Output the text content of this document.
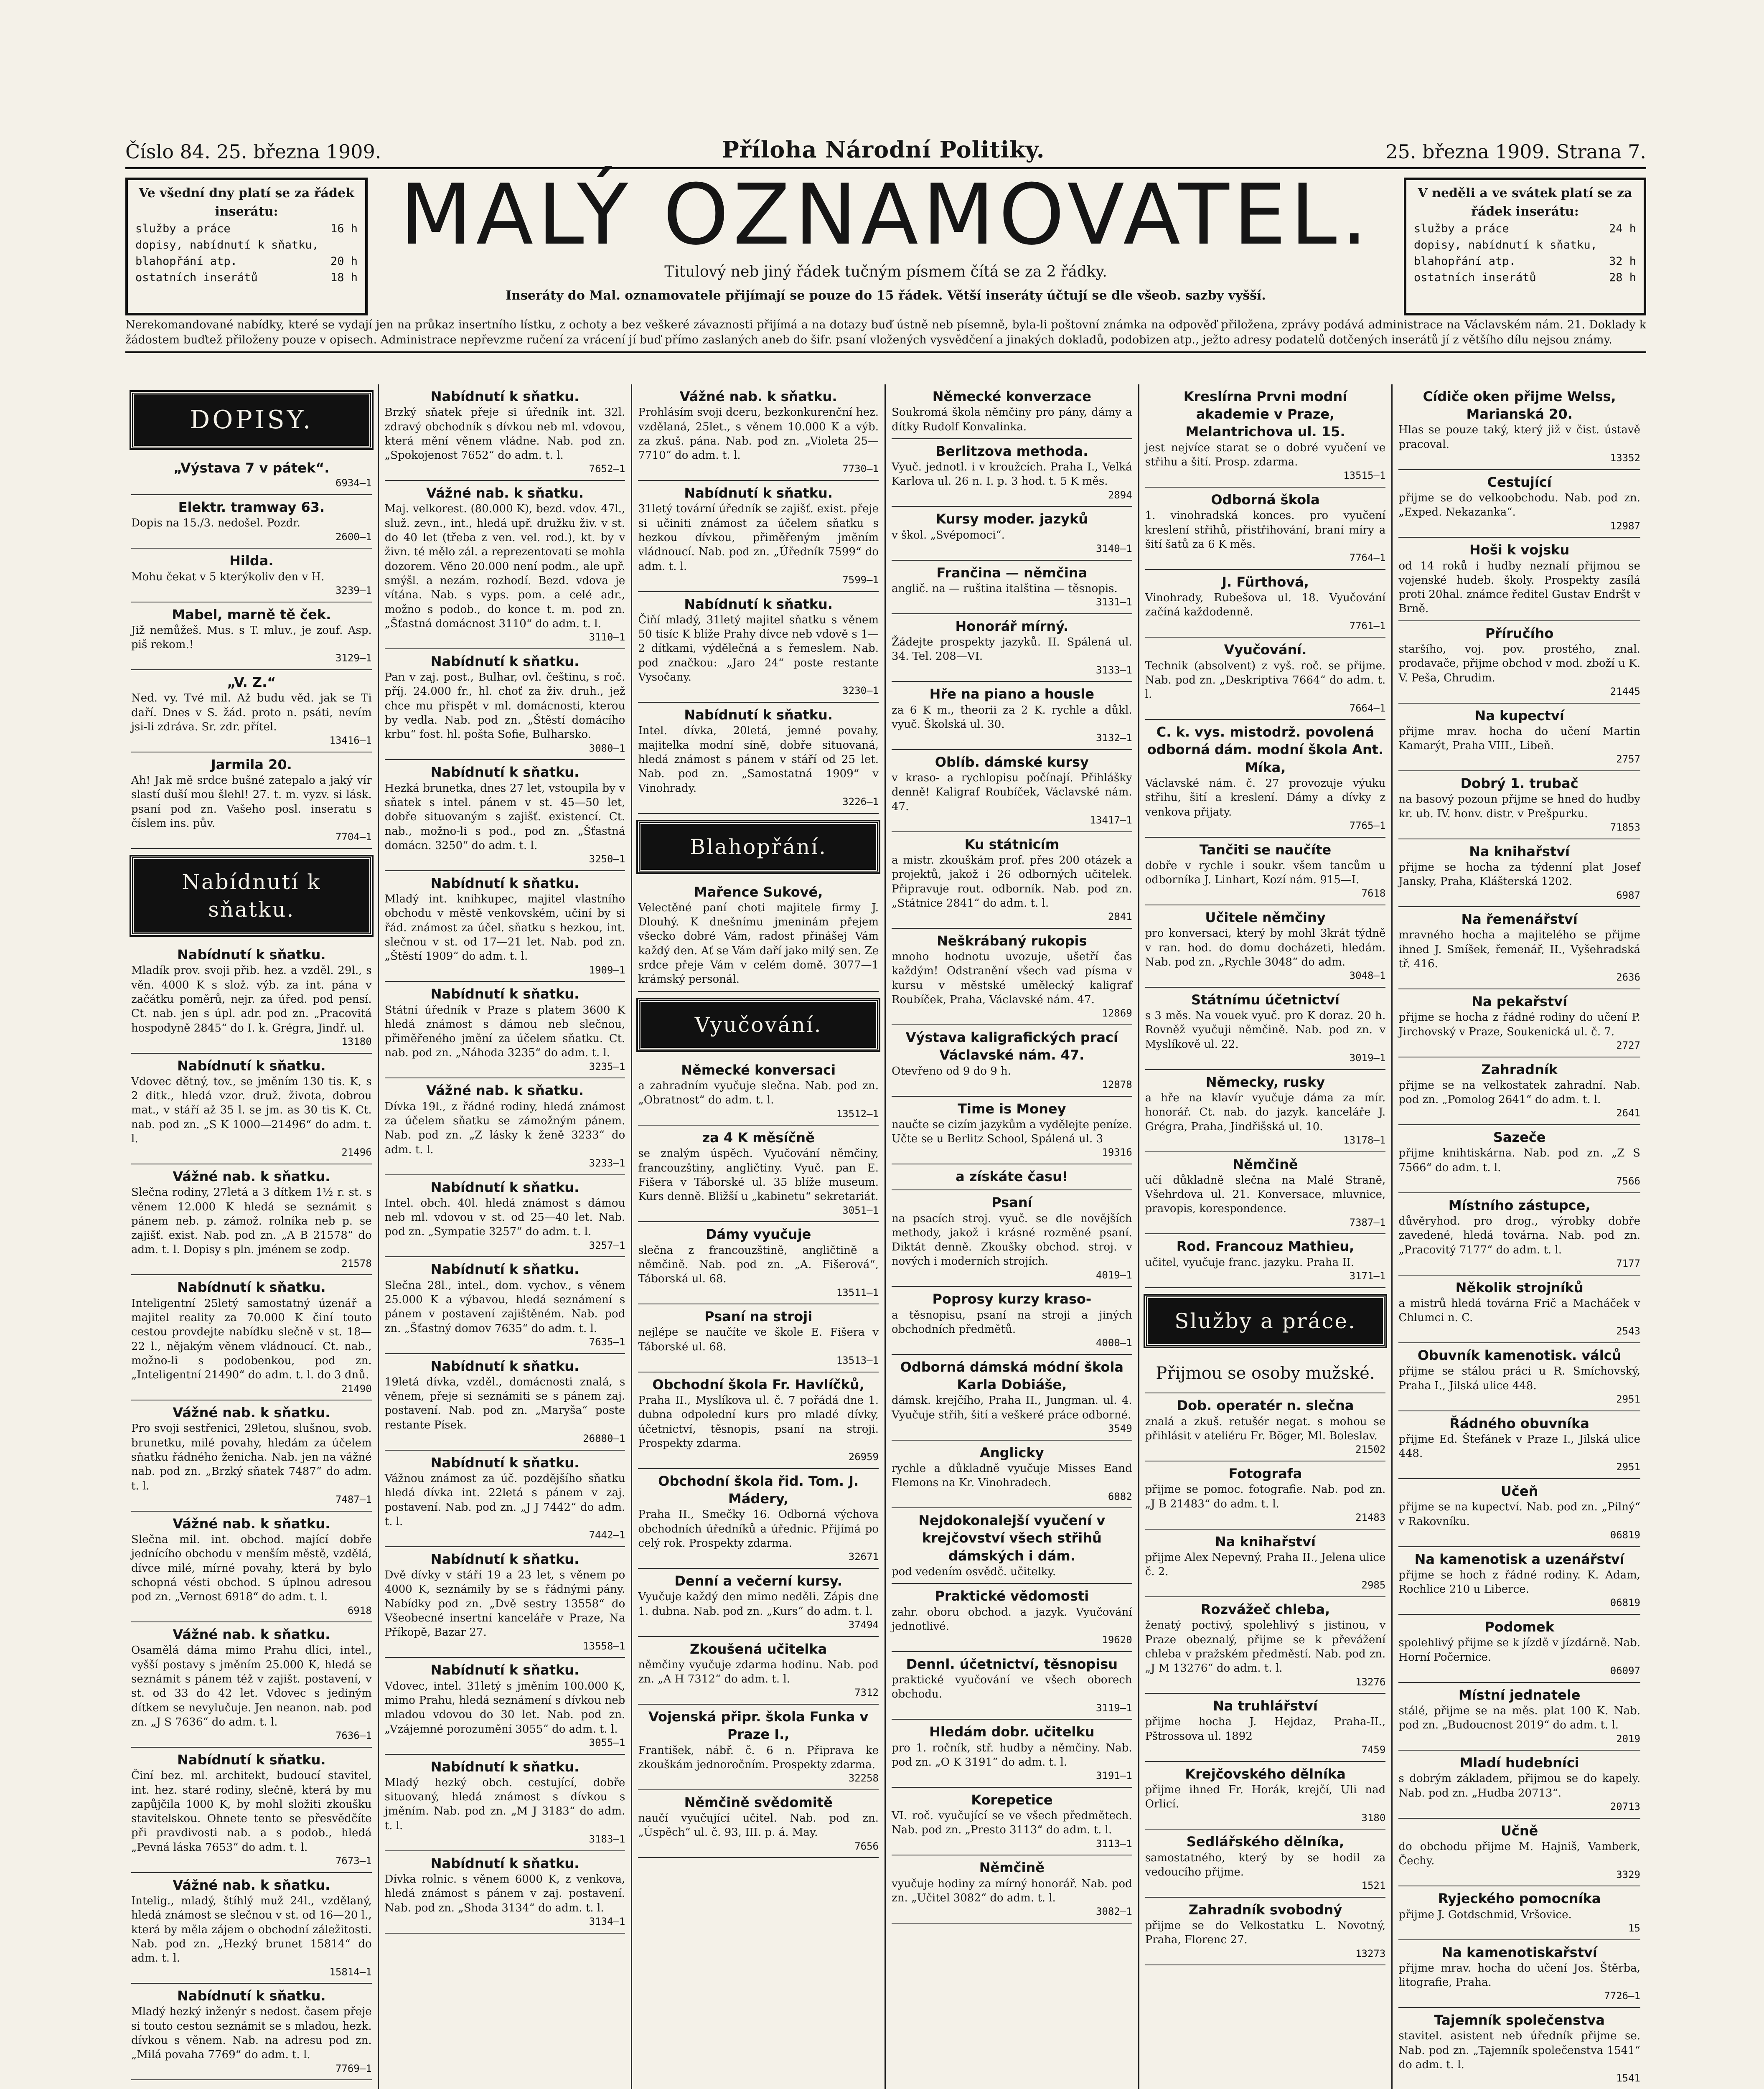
Číslo 84. 25. března 1909.	Příloha Národní Politiky.	25. března 1909. Strana 7.
Ve všední dny platí se za řádek inserátu:
služby a práce	16 h
dopisy, nabídnutí k sňatku,
blahopřání atp.	20 h
ostatních inserátů	18 h
MALÝ OZNAMOVATEL.
Titulový neb jiný řádek tučným písmem čítá se za 2 řádky.
Inseráty do Mal. oznamovatele přijímají se pouze do 15 řádek. Větší inseráty účtují se dle všeob. sazby vyšší.
V neděli a ve svátek platí se za řádek inserátu:
služby a práce	24 h
dopisy, nabídnutí k sňatku,
blahopřání atp.	32 h
ostatních inserátů	28 h
Nerekomandované nabídky, které se vydají jen na průkaz insertního lístku, z ochoty a bez veškeré závaznosti přijímá a na dotazy buď ústně neb písemně, byla-li poštovní známka na odpověď přiložena, zprávy podává administrace na Václavském nám. 21. Doklady k žádostem buďtež přiloženy pouze v opisech. Administrace nepřevzme ručení za vrácení jí buď přímo zaslaných aneb do šifr. psaní vložených vysvědčení a jinakých dokladů, podobizen atp., ježto adresy podatelů dotčených inserátů jí z většího dílu nejsou známy.
DOPISY.
„Výstava 7 v pátek“.
6934—1
Elektr. tramway 63.
Dopis na 15./3. nedošel. Pozdr.
2600—1
Hilda.
Mohu čekat v 5 kterýkoliv den v H.
3239—1
Mabel, marně tě ček.
Již nemůžeš. Mus. s T. mluv., je zouf. Asp. piš rekom.!
3129—1
„V. Z.“
Ned. vy. Tvé mil. Až budu věd. jak se Ti daří. Dnes v S. žád. proto n. psáti, nevím jsi-li zdráva. Sr. zdr. přítel.
13416—1
Jarmila 20.
Ah! Jak mě srdce bušné zatepalo a jaký vír slastí duší mou šlehl! 27. t. m. vyzv. si lásk. psaní pod zn. Vašeho posl. inseratu s číslem ins. pův.
7704—1
Nabídnutí k sňatku.
Nabídnutí k sňatku.
Mladík prov. svoji přib. hez. a vzděl. 29l., s věn. 4000 K s slož. výb. za int. pána v začátku poměrů, nejr. za úřed. pod pensí. Ct. nab. jen s úpl. adr. pod zn. „Pracovitá hospodyně 2845“ do I. k. Grégra, Jindř. ul.
13180
Nabídnutí k sňatku.
Vdovec dětný, tov., se jměním 130 tis. K, s 2 ditk., hledá vzor. druž. života, dobrou mat., v stáří až 35 l. se jm. as 30 tis K. Ct. nab. pod zn. „S K 1000—21496“ do adm. t. l.
21496
Vážné nab. k sňatku.
Slečna rodiny, 27letá a 3 dítkem 1½ r. st. s věnem 12.000 K hledá se seznámit s pánem neb. p. zámož. rolníka neb p. se zajišť. exist. Nab. pod zn. „A B 21578“ do adm. t. l. Dopisy s pln. jménem se zodp.
21578
Nabídnutí k sňatku.
Inteligentní 25letý samostatný úzenář a majitel reality za 70.000 K činí touto cestou provdejte nabídku slečně v st. 18—22 l., nějakým věnem vládnoucí. Ct. nab., možno-li s podobenkou, pod zn. „Inteligentní 21490“ do adm. t. l. do 3 dnů.
21490
Vážné nab. k sňatku.
Pro svoji sestřenici, 29letou, slušnou, svob. brunetku, milé povahy, hledám za účelem sňatku řádného ženicha. Nab. jen na vážné nab. pod zn. „Brzký sňatek 7487“ do adm. t. l.
7487—1
Vážné nab. k sňatku.
Slečna mil. int. obchod. mající dobře jednícího obchodu v menším městě, vzdělá, dívce milé, mírné povahy, která by bylo schopná vésti obchod. S úplnou adresou pod zn. „Vernost 6918“ do adm. t. l.
6918
Vážné nab. k sňatku.
Osamělá dáma mimo Prahu dlíci, intel., vyšší postavy s jměním 25.000 K, hledá se seznámit s pánem též v zajišt. postavení, v st. od 33 do 42 let. Vdovec s jediným dítkem se nevylučuje. Jen neanon. nab. pod zn. „J S 7636“ do adm. t. l.
7636—1
Nabídnutí k sňatku.
Činí bez. ml. architekt, budoucí stavitel, int. hez. staré rodiny, slečně, která by mu zapůjčila 1000 K, by mohl složiti zkoušku stavitelskou. Ohnete tento se přesvědčíte při pravdivosti nab. a s podob., hledá „Pevná láska 7653“ do adm. t. l.
7673—1
Vážné nab. k sňatku.
Intelig., mladý, štíhlý muž 24l., vzdělaný, hledá známost se slečnou v st. od 16—20 l., která by měla zájem o obchodní záležitosti. Nab. pod zn. „Hezký brunet 15814“ do adm. t. l.
15814—1
Nabídnutí k sňatku.
Mladý hezký inženýr s nedost. časem přeje si touto cestou seznámit se s mladou, hezk. dívkou s věnem. Nab. na adresu pod zn. „Milá povaha 7769“ do adm. t. l.
7769—1
Nabídnutí k sňatku.
Brzký sňatek přeje si úředník int. 32l. zdravý obchodník s dívkou neb ml. vdovou, která mění věnem vládne. Nab. pod zn. „Spokojenost 7652“ do adm. t. l.
7652—1
Vážné nab. k sňatku.
Maj. velkorest. (80.000 K), bezd. vdov. 47l., služ. zevn., int., hledá upř. družku živ. v st. do 40 let (třeba z ven. vel. rod.), kt. by v živn. té mělo zál. a reprezentovati se mohla dozorem. Věno 20.000 není podm., ale upř. smýšl. a nezám. rozhodí. Bezd. vdova je vítána. Nab. s vyps. pom. a celé adr., možno s podob., do konce t. m. pod zn. „Šťastná domácnost 3110“ do adm. t. l.
3110—1
Nabídnutí k sňatku.
Pan v zaj. post., Bulhar, ovl. češtinu, s roč. příj. 24.000 fr., hl. choť za živ. druh., jež chce mu přispět v ml. domácnosti, kterou by vedla. Nab. pod zn. „Štěstí domácího krbu“ fost. hl. pošta Sofie, Bulharsko.
3080—1
Nabídnutí k sňatku.
Hezká brunetka, dnes 27 let, vstoupila by v sňatek s intel. pánem v st. 45—50 let, dobře situovaným s zajišť. existencí. Ct. nab., možno-li s pod., pod zn. „Šťastná domácn. 3250“ do adm. t. l.
3250—1
Nabídnutí k sňatku.
Mladý int. knihkupec, majitel vlastního obchodu v městě venkovském, učiní by si řád. známost za účel. sňatku s hezkou, int. slečnou v st. od 17—21 let. Nab. pod zn. „Štěstí 1909“ do adm. t. l.
1909—1
Nabídnutí k sňatku.
Státní úředník v Praze s platem 3600 K hledá známost s dámou neb slečnou, přiměřeného jmění za účelem sňatku. Ct. nab. pod zn. „Náhoda 3235“ do adm. t. l.
3235—1
Vážné nab. k sňatku.
Dívka 19l., z řádné rodiny, hledá známost za účelem sňatku se zámožným pánem. Nab. pod zn. „Z lásky k ženě 3233“ do adm. t. l.
3233—1
Nabídnutí k sňatku.
Intel. obch. 40l. hledá známost s dámou neb ml. vdovou v st. od 25—40 let. Nab. pod zn. „Sympatie 3257“ do adm. t. l.
3257—1
Nabídnutí k sňatku.
Slečna 28l., intel., dom. vychov., s věnem 25.000 K a výbavou, hledá seznámení s pánem v postavení zajištěném. Nab. pod zn. „Šťastný domov 7635“ do adm. t. l.
7635—1
Nabídnutí k sňatku.
19letá dívka, vzděl., domácnosti znalá, s věnem, přeje si seznámiti se s pánem zaj. postavení. Nab. pod zn. „Maryša“ poste restante Písek.
26880—1
Nabídnutí k sňatku.
Vážnou známost za úč. pozdějšího sňatku hledá dívka int. 22letá s pánem v zaj. postavení. Nab. pod zn. „J J 7442“ do adm. t. l.
7442—1
Nabídnutí k sňatku.
Dvě dívky v stáří 19 a 23 let, s věnem po 4000 K, seznámily by se s řádnými pány. Nabídky pod zn. „Dvě sestry 13558“ do Všeobecné insertní kanceláře v Praze, Na Příkopě, Bazar 27.
13558—1
Nabídnutí k sňatku.
Vdovec, intel. 31letý s jměním 100.000 K, mimo Prahu, hledá seznámení s dívkou neb mladou vdovou do 30 let. Nab. pod zn. „Vzájemné porozumění 3055“ do adm. t. l.
3055—1
Nabídnutí k sňatku.
Mladý hezký obch. cestující, dobře situovaný, hledá známost s dívkou s jměním. Nab. pod zn. „M J 3183“ do adm. t. l.
3183—1
Nabídnutí k sňatku.
Dívka rolnic. s věnem 6000 K, z venkova, hledá známost s pánem v zaj. postavení. Nab. pod zn. „Shoda 3134“ do adm. t. l.
3134—1
Vážné nab. k sňatku.
Prohlásím svoji dceru, bezkonkurenční hez. vzdělaná, 25let., s věnem 10.000 K a výb. za zkuš. pána. Nab. pod zn. „Violeta 25—7710“ do adm. t. l.
7730—1
Nabídnutí k sňatku.
31letý tovární úředník se zajišť. exist. přeje si učiniti známost za účelem sňatku s hezkou dívkou, přiměřeným jměním vládnoucí. Nab. pod zn. „Úředník 7599“ do adm. t. l.
7599—1
Nabídnutí k sňatku.
Čiňí mladý, 31letý majitel sňatku s věnem 50 tisíc K blíže Prahy dívce neb vdově s 1—2 dítkami, výdělečná a s řemeslem. Nab. pod značkou: „Jaro 24“ poste restante Vysočany.
3230—1
Nabídnutí k sňatku.
Intel. dívka, 20letá, jemné povahy, majitelka modní síně, dobře situovaná, hledá známost s pánem v stáří od 25 let. Nab. pod zn. „Samostatná 1909“ v Vinohrady.
3226—1
Blahopřání.
Mařence Sukové,
Velectěné paní choti majitele firmy J. Dlouhý. K dnešnímu jmeninám přejem všecko dobré Vám, radost přinášej Vám každý den. Ať se Vám daří jako milý sen. Ze srdce přeje Vám v celém domě. 3077—1 krámský personál.
Vyučování.
Německé konversaci
a zahradním vyučuje slečna. Nab. pod zn. „Obratnost“ do adm. t. l.
13512—1
za 4 K měsíčně
se znalým úspěch. Vyučování němčiny, francouzštiny, angličtiny. Vyuč. pan E. Fišera v Táborské ul. 35 blíže museum. Kurs denně. Bližší u „kabinetu“ sekretariát.
3051—1
Dámy vyučuje
slečna z francouzštině, angličtině a němčině. Nab. pod zn. „A. Fišerová“, Táborská ul. 68.
13511—1
Psaní na stroji
nejlépe se naučíte ve škole E. Fišera v Táborské ul. 68.
13513—1
Obchodní škola Fr. Havlíčků,
Praha II., Myslíkova ul. č. 7 pořádá dne 1. dubna odpolední kurs pro mladé dívky, účetnictví, těsnopis, psaní na stroji. Prospekty zdarma.
26959
Obchodní škola řid. Tom. J. Mádery,
Praha II., Smečky 16. Odborná výchova obchodních úředníků a úřednic. Přijímá po celý rok. Prospekty zdarma.
32671
Denní a večerní kursy.
Vyučuje každý den mimo neděli. Zápis dne 1. dubna. Nab. pod zn. „Kurs“ do adm. t. l.
37494
Zkoušená učitelka
němčiny vyučuje zdarma hodinu. Nab. pod zn. „A H 7312“ do adm. t. l.
7312
Vojenská připr. škola Funka v Praze I.,
František, nábř. č. 6 n. Připrava ke zkouškám jednoročním. Prospekty zdarma.
32258
Němčině svědomitě
naučí vyučující učitel. Nab. pod zn. „Úspěch“ ul. č. 93, III. p. á. May.
7656
Německé konverzace
Soukromá škola němčiny pro pány, dámy a dítky Rudolf Konvalinka.
Berlitzova methoda.
Vyuč. jednotl. i v kroužcích. Praha I., Velká Karlova ul. 26 n. I. p. 3 hod. t. 5 K měs.
2894
Kursy moder. jazyků
v škol. „Svépomoci“.
3140—1
Frančina — němčina
anglič. na — ruština italština — těsnopis.
3131—1
Honorář mírný.
Žádejte prospekty jazyků. II. Spálená ul. 34. Tel. 208—VI.
3133—1
Hře na piano a housle
za 6 K m., theorii za 2 K. rychle a důkl. vyuč. Školská ul. 30.
3132—1
Oblíb. dámské kursy
v kraso- a rychlopisu počínají. Přihlášky denně! Kaligraf Roubíček, Václavské nám. 47.
13417—1
Ku státnicím
a mistr. zkouškám prof. přes 200 otázek a projektů, jakož i 26 odborných učitelek. Připravuje rout. odborník. Nab. pod zn. „Státnice 2841“ do adm. t. l.
2841
Neškrábaný rukopis
mnoho hodnotu uvozuje, ušetří čas každým! Odstranění všech vad písma v kursu v městské umělecký kaligraf Roubíček, Praha, Václavské nám. 47.
12869
Výstava kaligrafických prací Václavské nám. 47.
Otevřeno od 9 do 9 h.
12878
Time is Money
naučte se cizím jazykům a vydělejte peníze. Učte se u Berlitz School, Spálená ul. 3
19316
a získáte času!
Psaní
na psacích stroj. vyuč. se dle novějších methody, jakož i krásné rozměné psaní. Diktát denně. Zkoušky obchod. stroj. v nových i moderních strojích.
4019—1
Poprosy kurzy kraso-
a těsnopisu, psaní na stroji a jiných obchodních předmětů.
4000—1
Odborná dámská módní škola Karla Dobiáše,
dámsk. krejčího, Praha II., Jungman. ul. 4. Vyučuje střih, šití a veškeré práce odborné.
3549
Anglicky
rychle a důkladně vyučuje Misses Eand Flemons na Kr. Vinohradech.
6882
Nejdokonalejší vyučení v krejčovství všech střihů dámských i dám.
pod vedením osvědč. učitelky.
Praktické vědomosti
zahr. oboru obchod. a jazyk. Vyučování jednotlivé.
19620
Dennl. účetnictví, těsnopisu
praktické vyučování ve všech oborech obchodu.
3119—1
Hledám dobr. učitelku
pro 1. ročník, stř. hudby a němčiny. Nab. pod zn. „O K 3191“ do adm. t. l.
3191—1
Korepetice
VI. roč. vyučující se ve všech předmětech. Nab. pod zn. „Presto 3113“ do adm. t. l.
3113—1
Němčině
vyučuje hodiny za mírný honorář. Nab. pod zn. „Učitel 3082“ do adm. t. l.
3082—1
Kreslírna Prvni modní akademie v Praze, Melantrichova ul. 15.
jest nejvíce starat se o dobré vyučení ve střihu a šití. Prosp. zdarma.
13515—1
Odborná škola
1. vinohradská konces. pro vyučení kreslení střihů, přistřihování, braní míry a šití šatů za 6 K měs.
7764—1
J. Fürthová,
Vinohrady, Rubešova ul. 18. Vyučování začíná každodenně.
7761—1
Vyučování.
Technik (absolvent) z vyš. roč. se přijme. Nab. pod zn. „Deskriptiva 7664“ do adm. t. l.
7664—1
C. k. vys. mistodrž. povolená odborná dám. modní škola Ant. Míka,
Václavské nám. č. 27 provozuje výuku střihu, šití a kreslení. Dámy a dívky z venkova přijaty.
7765—1
Tančiti se naučíte
dobře v rychle i soukr. všem tancům u odborníka J. Linhart, Kozí nám. 915—I.
7618
Učitele němčiny
pro konversaci, který by mohl 3krát týdně v ran. hod. do domu docházeti, hledám. Nab. pod zn. „Rychle 3048“ do adm.
3048—1
Státnímu účetnictví
s 3 měs. Na vouek vyuč. pro K doraz. 20 h. Rovněž vyučuji němčině. Nab. pod zn. v Myslíkově ul. 22.
3019—1
Německy, rusky
a hře na klavír vyučuje dáma za mír. honorář. Ct. nab. do jazyk. kanceláře J. Grégra, Praha, Jindřišská ul. 10.
13178—1
Němčině
učí důkladně slečna na Malé Straně, Všehrdova ul. 21. Konversace, mluvnice, pravopis, korespondence.
7387—1
Rod. Francouz Mathieu,
učitel, vyučuje franc. jazyku. Praha II.
3171—1
Služby a práce.
Přijmou se osoby mužské.
Dob. operatér n. slečna
znalá a zkuš. retušér negat. s mohou se přihlásit v ateliéru Fr. Böger, Ml. Boleslav.
21502
Fotografa
přijme se pomoc. fotografie. Nab. pod zn. „J B 21483“ do adm. t. l.
21483
Na knihařství
přijme Alex Nepevný, Praha II., Jelena ulice č. 2.
2985
Rozvážeč chleba,
ženatý poctivý, spolehlivý s jistinou, v Praze obeznalý, přijme se k převážení chleba v pražském předměstí. Nab. pod zn. „J M 13276“ do adm. t. l.
13276
Na truhlářství
přijme hocha J. Hejdaz, Praha-II., Pštrossova ul. 1892
7459
Krejčovského dělníka
přijme ihned Fr. Horák, krejčí, Uli nad Orlicí.
3180
Sedlářského dělníka,
samostatného, který by se hodil za vedoucího přijme.
1521
Zahradník svobodný
přijme se do Velkostatku L. Novotný, Praha, Florenc 27.
13273
Cídiče oken přijme Welss, Marianská 20.
Hlas se pouze taký, který již v čist. ústavě pracoval.
13352
Cestující
přijme se do velkoobchodu. Nab. pod zn. „Exped. Nekazanka“.
12987
Hoši k vojsku
od 14 roků i hudby neznalí přijmou se vojenské hudeb. školy. Prospekty zasílá proti 20hal. známce ředitel Gustav Endršt v Brně.
Příručího
staršího, voj. pov. prostého, znal. prodavače, přijme obchod v mod. zboží u K. V. Peša, Chrudim.
21445
Na kupectví
přijme mrav. hocha do učení Martin Kamarýt, Praha VIII., Libeň.
2757
Dobrý 1. trubač
na basový pozoun přijme se hned do hudby kr. ub. IV. honv. distr. v Prešpurku.
71853
Na knihařství
přijme se hocha za týdenní plat Josef Jansky, Praha, Klášterská 1202.
6987
Na řemenářství
mravného hocha a majitelého se přijme ihned J. Smíšek, řemenář, II., Vyšehradská tř. 416.
2636
Na pekařství
přijme se hocha z řádné rodiny do učení P. Jirchovský v Praze, Soukenická ul. č. 7.
2727
Zahradník
přijme se na velkostatek zahradní. Nab. pod zn. „Pomolog 2641“ do adm. t. l.
2641
Sazeče
přijme knihtiskárna. Nab. pod zn. „Z S 7566“ do adm. t. l.
7566
Místního zástupce,
důvěryhod. pro drog., výrobky dobře zavedené, hledá továrna. Nab. pod zn. „Pracovitý 7177“ do adm. t. l.
7177
Několik strojníků
a mistrů hledá továrna Frič a Macháček v Chlumci n. C.
2543
Obuvník kamenotisk. válců
přijme se stálou práci u R. Smíchovský, Praha I., Jilská ulice 448.
2951
Řádného obuvníka
přijme Ed. Štefánek v Praze I., Jilská ulice 448.
2951
Učeň
přijme se na kupectví. Nab. pod zn. „Pilný“ v Rakovníku.
06819
Na kamenotisk a uzenářství
přijme se hoch z řádné rodiny. K. Adam, Rochlice 210 u Liberce.
06819
Podomek
spolehlivý přijme se k jízdě v jízdárně. Nab. Horní Počernice.
06097
Místní jednatele
stálé, přijme se na měs. plat 100 K. Nab. pod zn. „Budoucnost 2019“ do adm. t. l.
2019
Mladí hudebníci
s dobrým základem, přijmou se do kapely. Nab. pod zn. „Hudba 20713“.
20713
Učně
do obchodu přijme M. Hajniš, Vamberk, Čechy.
3329
Ryjeckého pomocníka
přijme J. Gotdschmid, Vršovice.
15
Na kamenotiskařství
přijme mrav. hocha do učení Jos. Štěrba, litografie, Praha.
7726—1
Tajemník společenstva
stavitel. asistent neb úředník přijme se. Nab. pod zn. „Tajemník společenstva 1541“ do adm. t. l.
1541
